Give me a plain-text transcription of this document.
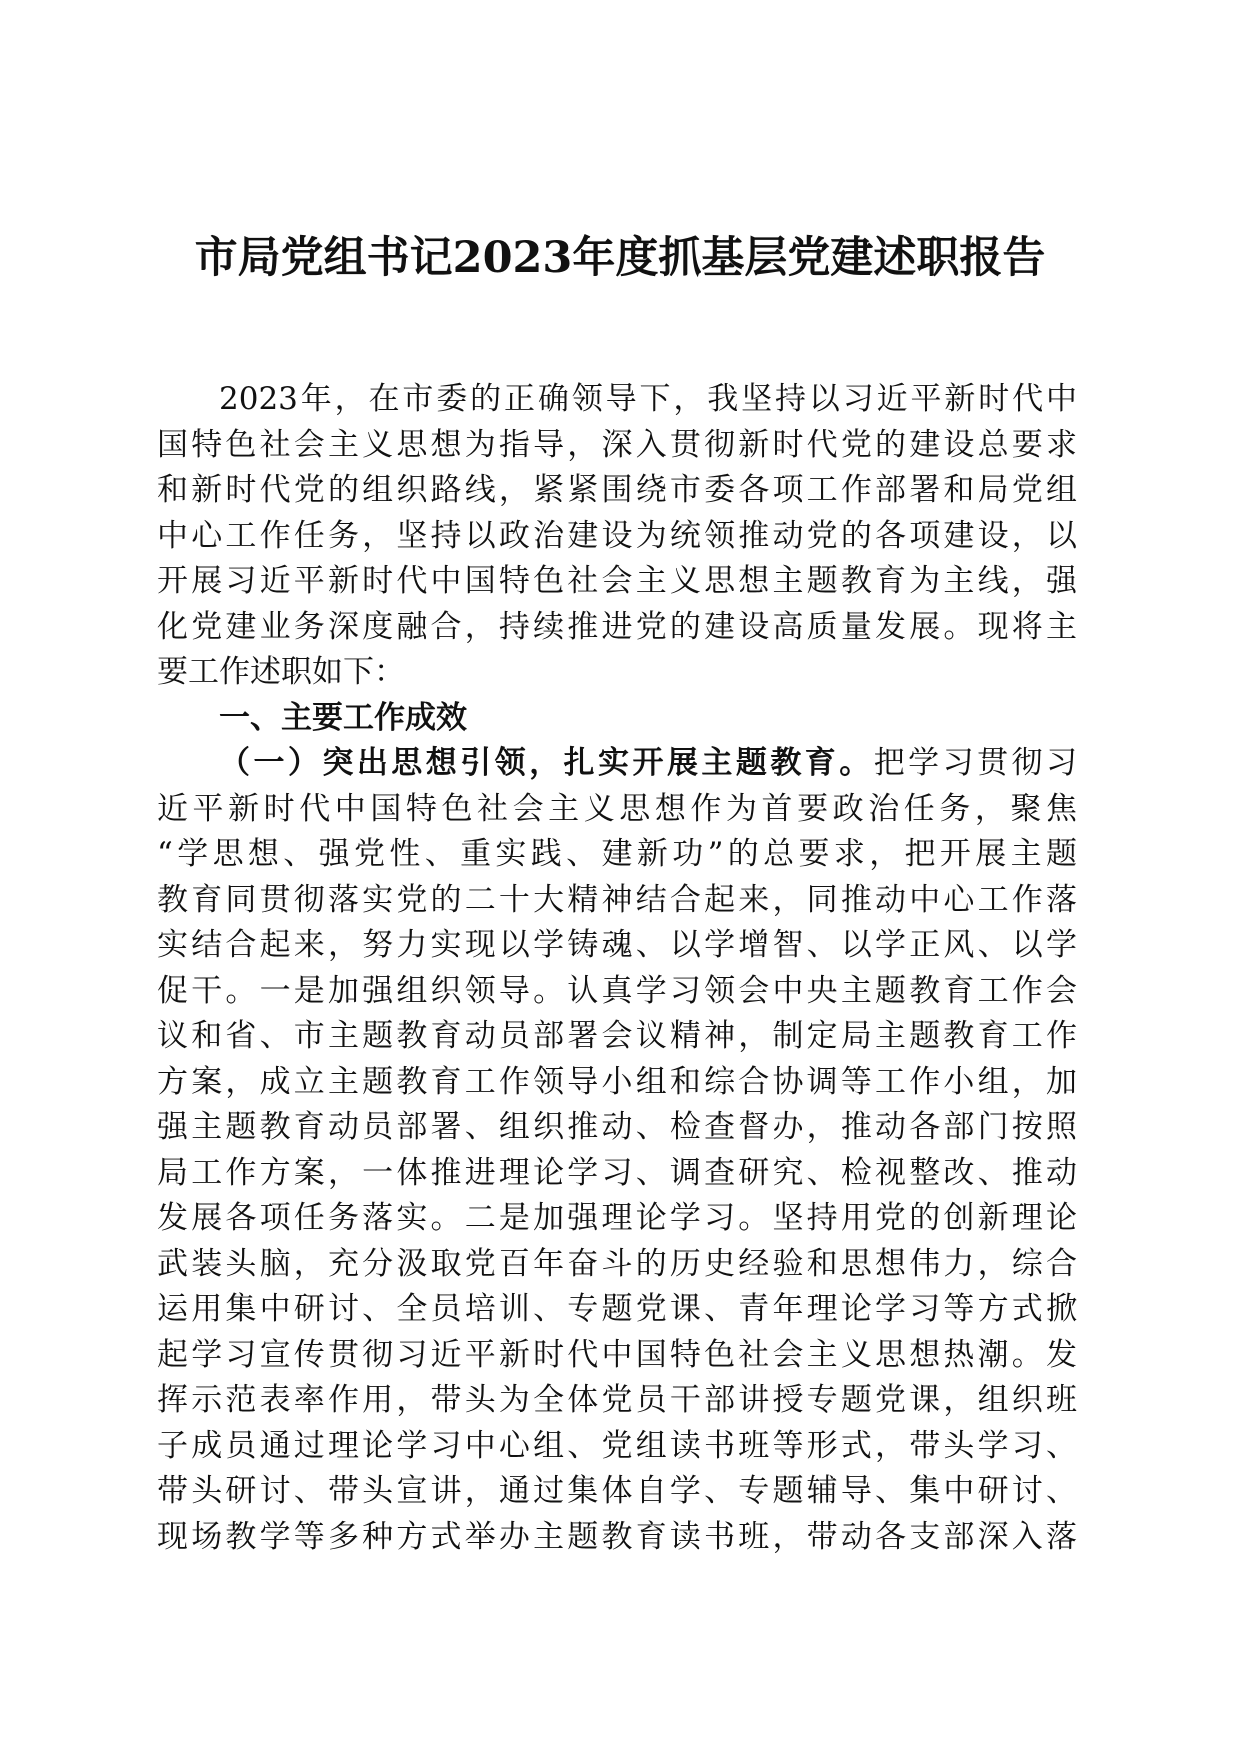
市局党组书记2023年度抓基层党建述职报告
2023年，在市委的正确领导下，我坚持以习近平新时代中
国特色社会主义思想为指导，深入贯彻新时代党的建设总要求
和新时代党的组织路线，紧紧围绕市委各项工作部署和局党组
中心工作任务，坚持以政治建设为统领推动党的各项建设，以
开展习近平新时代中国特色社会主义思想主题教育为主线，强
化党建业务深度融合，持续推进党的建设高质量发展。现将主
要工作述职如下：
一、主要工作成效
（一）突出思想引领，扎实开展主题教育。把学习贯彻习
近平新时代中国特色社会主义思想作为首要政治任务，聚焦
“学思想、强党性、重实践、建新功”的总要求，把开展主题
教育同贯彻落实党的二十大精神结合起来，同推动中心工作落
实结合起来，努力实现以学铸魂、以学增智、以学正风、以学
促干。一是加强组织领导。认真学习领会中央主题教育工作会
议和省、市主题教育动员部署会议精神，制定局主题教育工作
方案，成立主题教育工作领导小组和综合协调等工作小组，加
强主题教育动员部署、组织推动、检查督办，推动各部门按照
局工作方案，一体推进理论学习、调查研究、检视整改、推动
发展各项任务落实。二是加强理论学习。坚持用党的创新理论
武装头脑，充分汲取党百年奋斗的历史经验和思想伟力，综合
运用集中研讨、全员培训、专题党课、青年理论学习等方式掀
起学习宣传贯彻习近平新时代中国特色社会主义思想热潮。发
挥示范表率作用，带头为全体党员干部讲授专题党课，组织班
子成员通过理论学习中心组、党组读书班等形式，带头学习、
带头研讨、带头宣讲，通过集体自学、专题辅导、集中研讨、
现场教学等多种方式举办主题教育读书班，带动各支部深入落
